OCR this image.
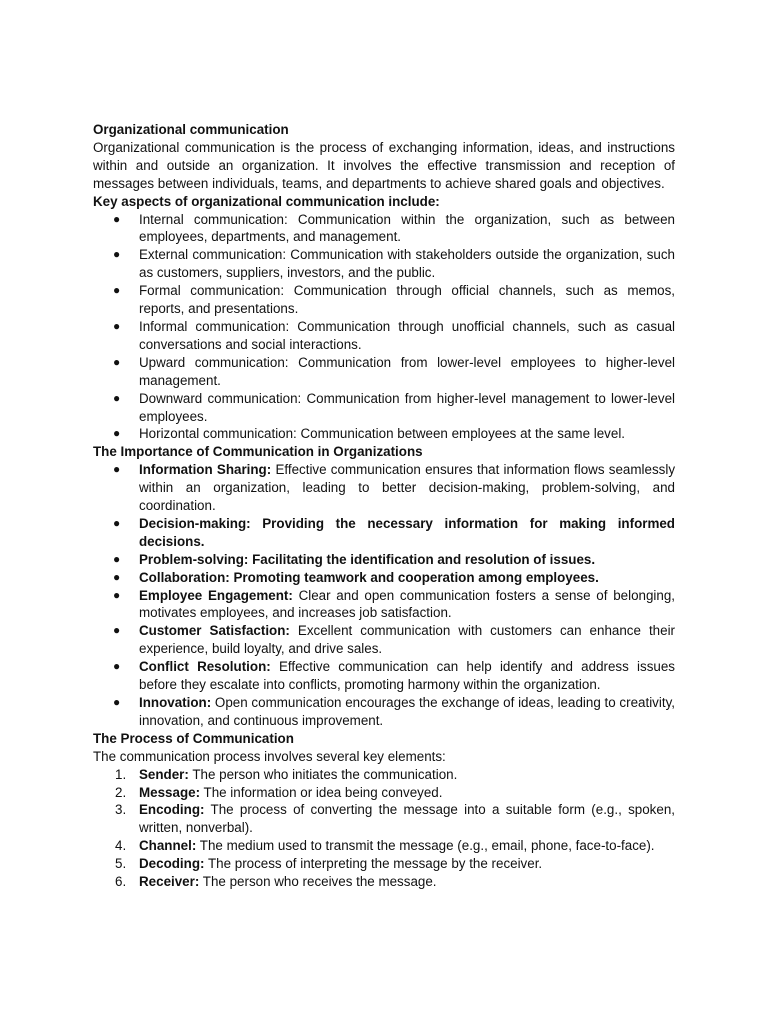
Organizational communication
Organizational communication is the process of exchanging information, ideas, and instructions within and outside an organization. It involves the effective transmission and reception of messages between individuals, teams, and departments to achieve shared goals and objectives.
Key aspects of organizational communication include:
● Internal communication: Communication within the organization, such as between employees, departments, and management.
● External communication: Communication with stakeholders outside the organization, such as customers, suppliers, investors, and the public.
● Formal communication: Communication through official channels, such as memos, reports, and presentations.
● Informal communication: Communication through unofficial channels, such as casual conversations and social interactions.
● Upward communication: Communication from lower-level employees to higher-level management.
● Downward communication: Communication from higher-level management to lower-level employees.
● Horizontal communication: Communication between employees at the same level.
The Importance of Communication in Organizations
● Information Sharing: Effective communication ensures that information flows seamlessly within an organization, leading to better decision-making, problem-solving, and coordination.
● Decision-making: Providing the necessary information for making informed decisions.
● Problem-solving: Facilitating the identification and resolution of issues.
● Collaboration: Promoting teamwork and cooperation among employees.
● Employee Engagement: Clear and open communication fosters a sense of belonging, motivates employees, and increases job satisfaction.
● Customer Satisfaction: Excellent communication with customers can enhance their experience, build loyalty, and drive sales.
● Conflict Resolution: Effective communication can help identify and address issues before they escalate into conflicts, promoting harmony within the organization.
● Innovation: Open communication encourages the exchange of ideas, leading to creativity, innovation, and continuous improvement.
The Process of Communication
The communication process involves several key elements:
1. Sender: The person who initiates the communication.
2. Message: The information or idea being conveyed.
3. Encoding: The process of converting the message into a suitable form (e.g., spoken, written, nonverbal).
4. Channel: The medium used to transmit the message (e.g., email, phone, face-to-face).
5. Decoding: The process of interpreting the message by the receiver.
6. Receiver: The person who receives the message.
